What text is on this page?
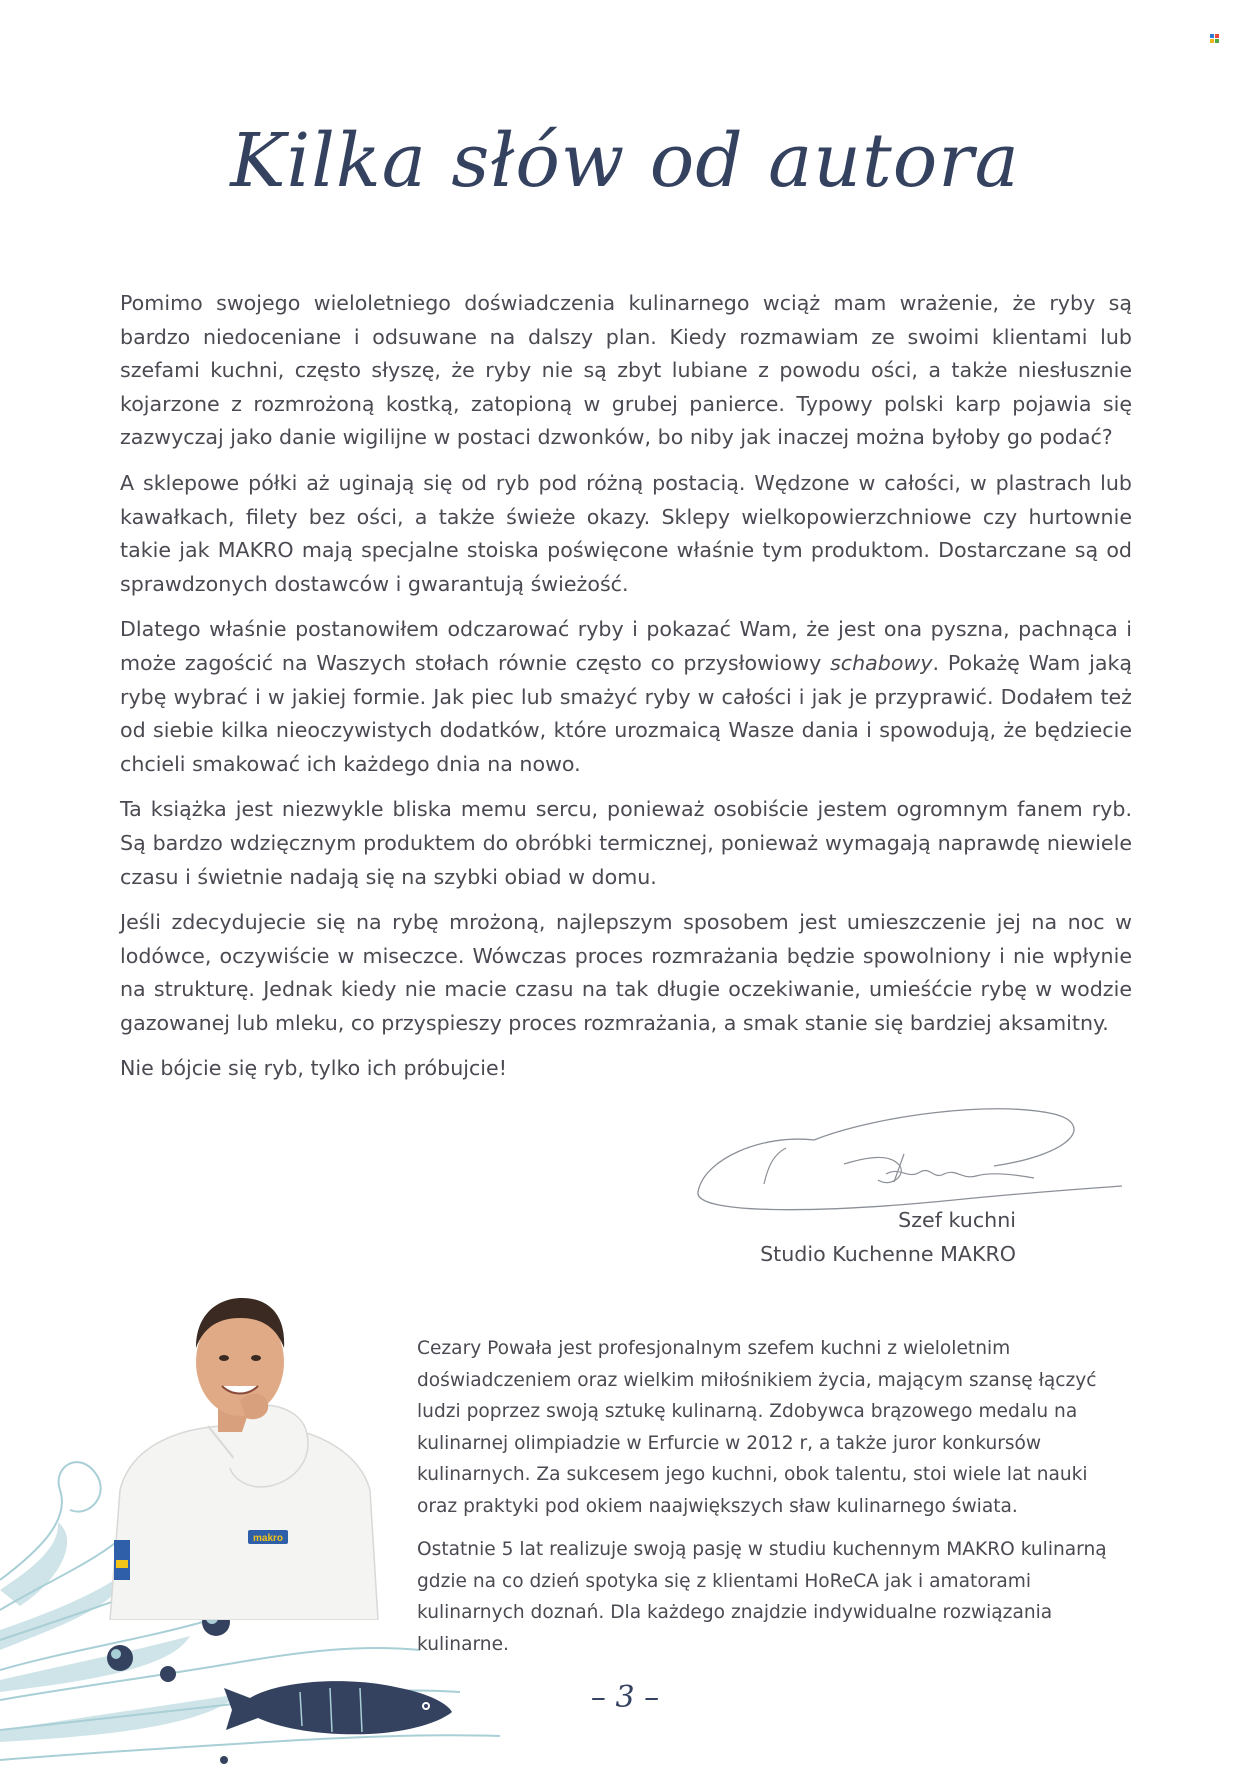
Kilka słów od autora

Pomimo swojego wieloletniego doświadczenia kulinarnego wciąż mam wrażenie, że ryby są bardzo niedoceniane i odsuwane na dalszy plan. Kiedy rozmawiam ze swoimi klientami lub szefami kuchni, często słyszę, że ryby nie są zbyt lubiane z powodu ości, a także niesłusznie kojarzone z rozmrożoną kostką, zatopioną w grubej panierce. Typowy polski karp pojawia się zazwyczaj jako danie wigilijne w postaci dzwonków, bo niby jak inaczej można byłoby go podać?

A sklepowe półki aż uginają się od ryb pod różną postacią. Wędzone w całości, w plastrach lub kawałkach, filety bez ości, a także świeże okazy. Sklepy wielkopowierzchniowe czy hurtownie takie jak MAKRO mają specjalne stoiska poświęcone właśnie tym produktom. Dostarczane są od sprawdzonych dostawców i gwarantują świeżość.

Dlatego właśnie postanowiłem odczarować ryby i pokazać Wam, że jest ona pyszna, pachnąca i może zagościć na Waszych stołach równie często co przysłowiowy schabowy. Pokażę Wam jaką rybę wybrać i w jakiej formie. Jak piec lub smażyć ryby w całości i jak je przyprawić. Dodałem też od siebie kilka nieoczywistych dodatków, które urozmaicą Wasze dania i spowodują, że będziecie chcieli smakować ich każdego dnia na nowo.

Ta książka jest niezwykle bliska memu sercu, ponieważ osobiście jestem ogromnym fanem ryb. Są bardzo wdzięcznym produktem do obróbki termicznej, ponieważ wymagają naprawdę niewiele czasu i świetnie nadają się na szybki obiad w domu.

Jeśli zdecydujecie się na rybę mrożoną, najlepszym sposobem jest umieszczenie jej na noc w lodówce, oczywiście w miseczce. Wówczas proces rozmrażania będzie spowolniony i nie wpłynie na strukturę. Jednak kiedy nie macie czasu na tak długie oczekiwanie, umieśćcie rybę w wodzie gazowanej lub mleku, co przyspieszy proces rozmrażania, a smak stanie się bardziej aksamitny.

Nie bójcie się ryb, tylko ich próbujcie!

Szef kuchni

Studio Kuchenne MAKRO

makro

Cezary Powała jest profesjonalnym szefem kuchni z wieloletnim doświadczeniem oraz wielkim miłośnikiem życia, mającym szansę łączyć ludzi poprzez swoją sztukę kulinarną. Zdobywca brązowego medalu na kulinarnej olimpiadzie w Erfurcie w 2012 r, a także juror konkursów kulinarnych. Za sukcesem jego kuchni, obok talentu, stoi wiele lat nauki oraz praktyki pod okiem naajwiększych sław kulinarnego świata.

Ostatnie 5 lat realizuje swoją pasję w studiu kuchennym MAKRO kulinarną gdzie na co dzień spotyka się z klientami HoReCA jak i amatorami kulinarnych doznań. Dla każdego znajdzie indywidualne rozwiązania kulinarne.

– 3 –
